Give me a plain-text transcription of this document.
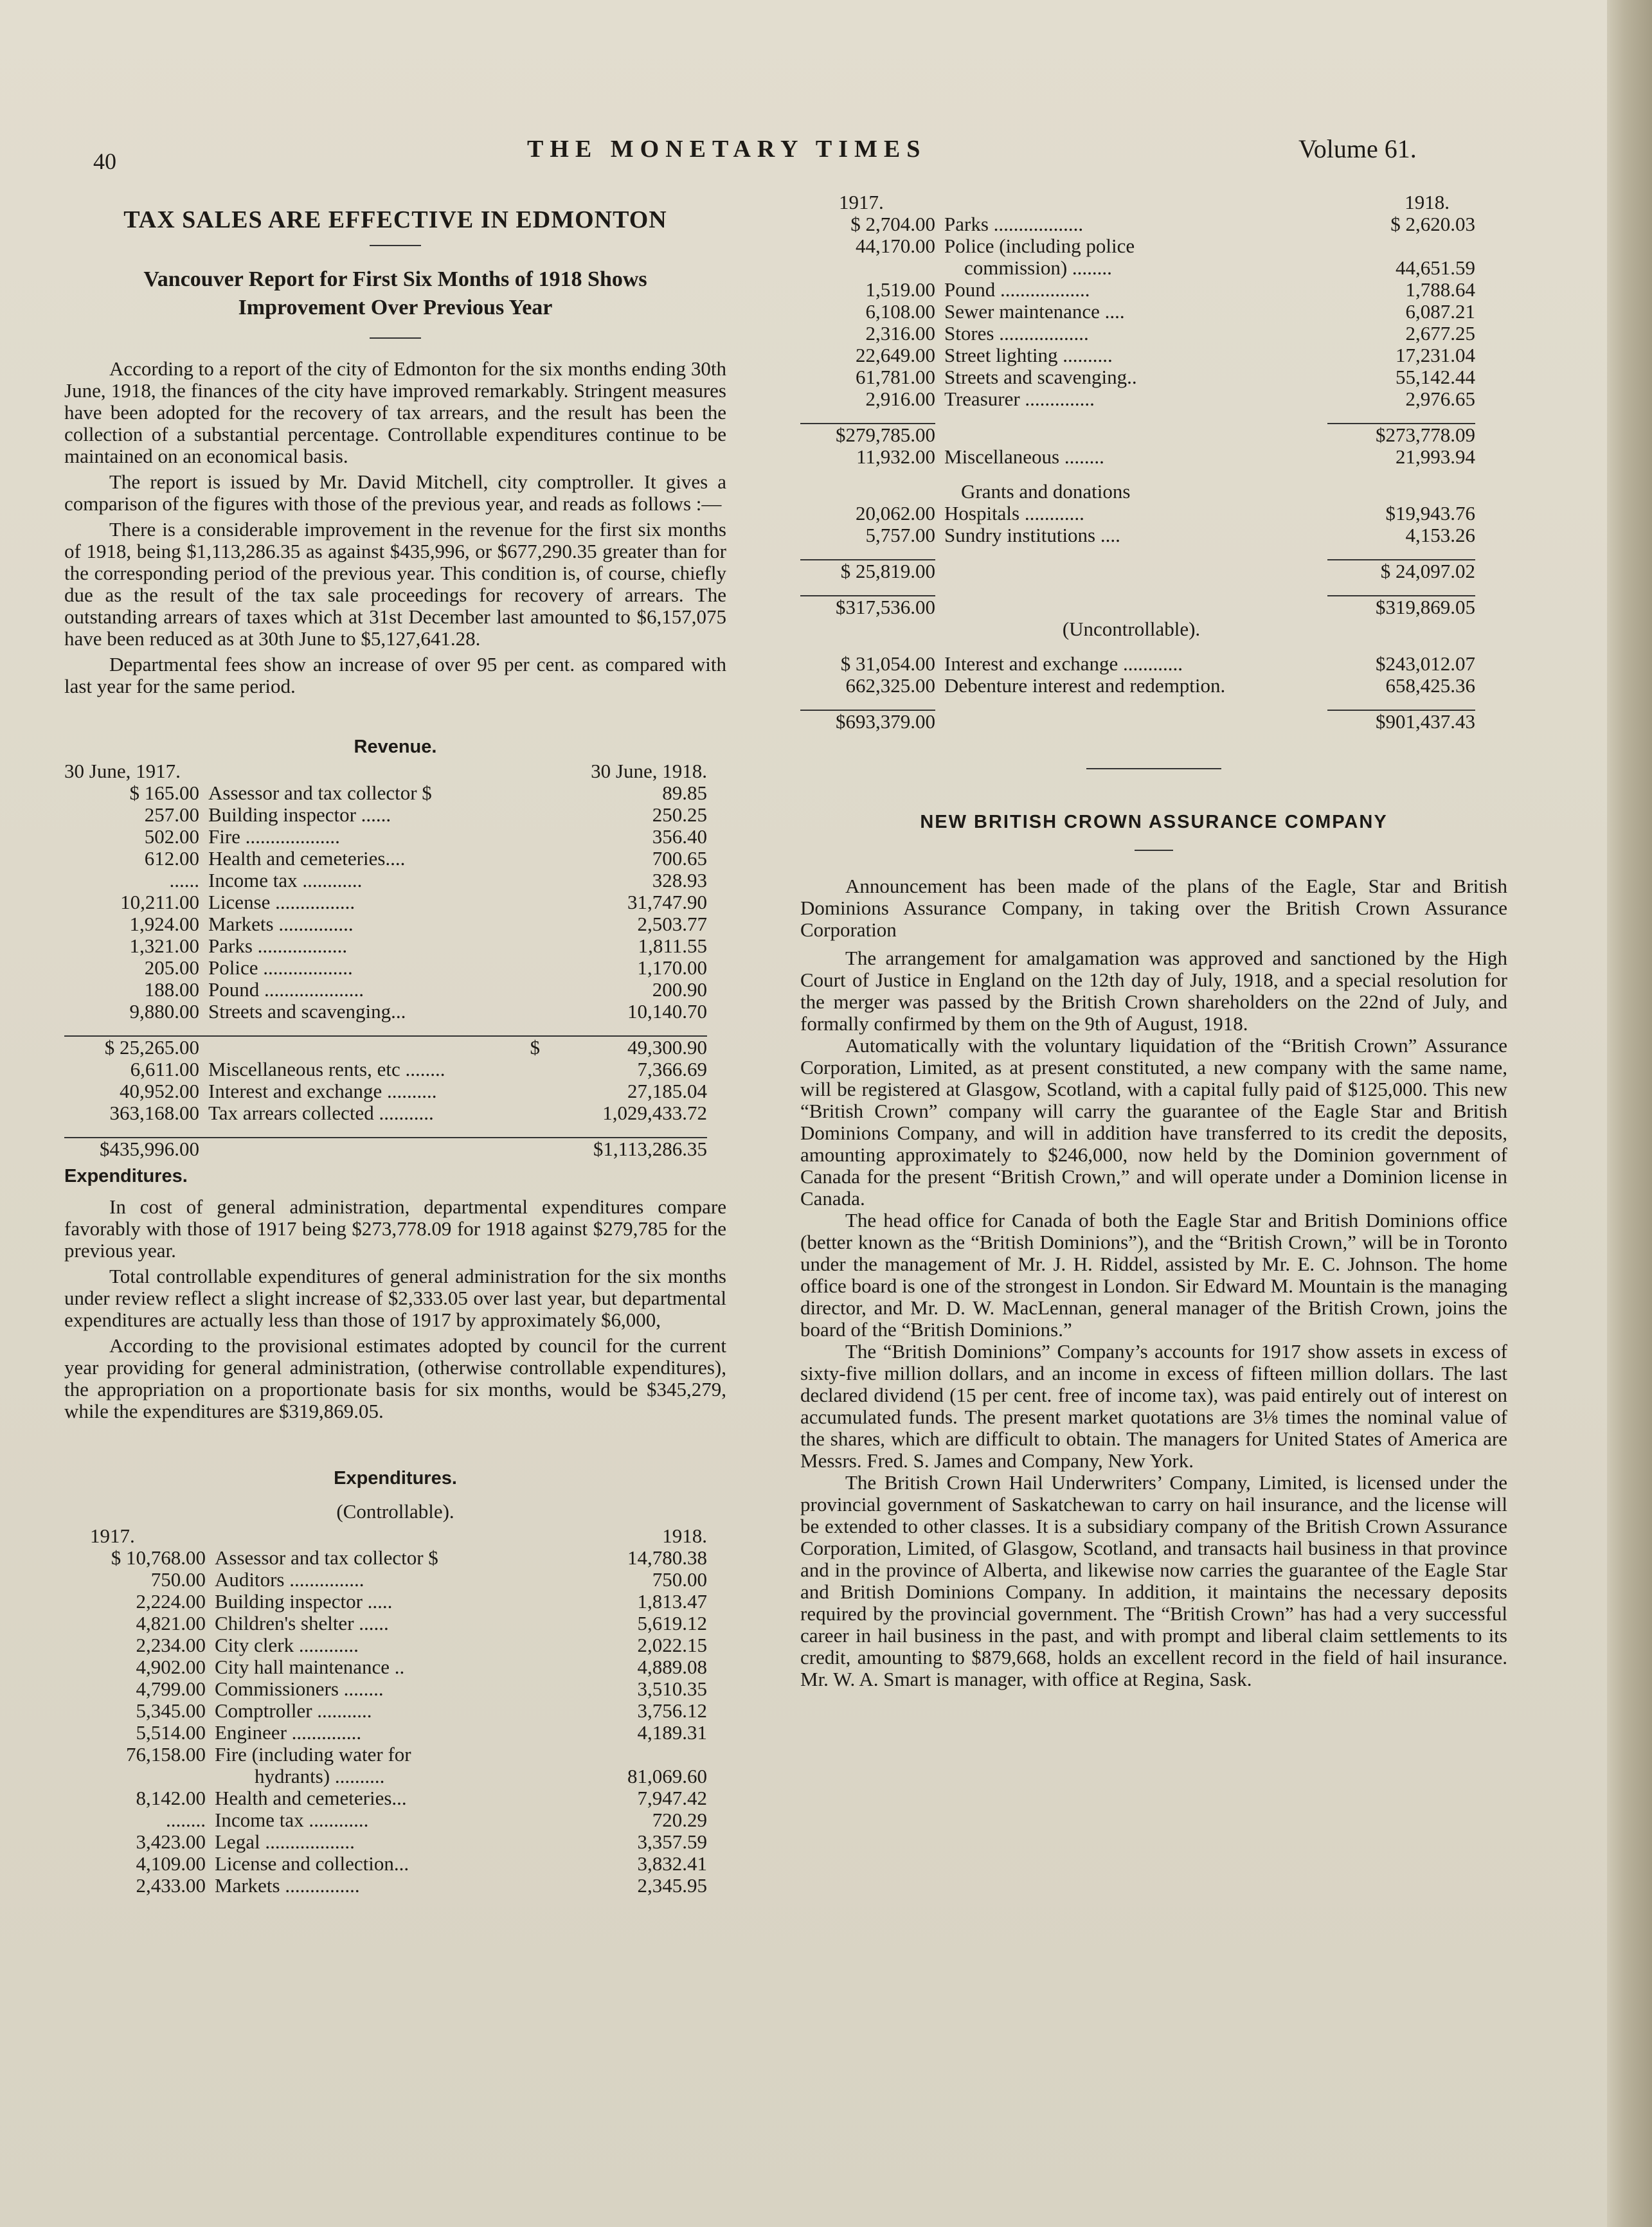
40	THE MONETARY TIMES	Volume 61.
TAX SALES ARE EFFECTIVE IN EDMONTON
Vancouver Report for First Six Months of 1918 Shows Improvement Over Previous Year

According to a report of the city of Edmonton for the six months ending 30th June, 1918, the finances of the city have improved remarkably. Stringent measures have been adopted for the recovery of tax arrears, and the result has been the collection of a substantial percentage. Controllable expenditures continue to be maintained on an economical basis.

The report is issued by Mr. David Mitchell, city comptroller. It gives a comparison of the figures with those of the previous year, and reads as follows :—

There is a considerable improvement in the revenue for the first six months of 1918, being $1,113,286.35 as against $435,996, or $677,290.35 greater than for the corresponding period of the previous year. This condition is, of course, chiefly due as the result of the tax sale proceedings for recovery of arrears. The outstanding arrears of taxes which at 31st December last amounted to $6,157,075 have been reduced as at 30th June to $5,127,641.28.

Departmental fees show an increase of over 95 per cent. as compared with last year for the same period.

Revenue.
30 June, 1917.		30 June, 1918.
$ 165.00	Assessor and tax collector $	89.85
257.00	Building inspector ......	250.25
502.00	Fire ...................	356.40
612.00	Health and cemeteries....	700.65
......	Income tax ............	328.93
10,211.00	License ................	31,747.90
1,924.00	Markets ...............	2,503.77
1,321.00	Parks ..................	1,811.55
205.00	Police ..................	1,170.00
188.00	Pound ....................	200.90
9,880.00	Streets and scavenging...	10,140.70

$ 25,265.00	$	49,300.90
6,611.00	Miscellaneous rents, etc ........	7,366.69
40,952.00	Interest and exchange ..........	27,185.04
363,168.00	Tax arrears collected ...........	1,029,433.72

$435,996.00		$1,113,286.35
Expenditures.

In cost of general administration, departmental expenditures compare favorably with those of 1917 being $273,778.09 for 1918 against $279,785 for the previous year.

Total controllable expenditures of general administration for the six months under review reflect a slight increase of $2,333.05 over last year, but departmental expenditures are actually less than those of 1917 by approximately $6,000,

According to the provisional estimates adopted by council for the current year providing for general administration, (otherwise controllable expenditures), the appropriation on a proportionate basis for six months, would be $345,279, while the expenditures are $319,869.05.

Expenditures.
(Controllable).
1917.		1918.
$ 10,768.00	Assessor and tax collector $	14,780.38
750.00	Auditors ...............	750.00
2,224.00	Building inspector .....	1,813.47
4,821.00	Children's shelter ......	5,619.12
2,234.00	City clerk ............	2,022.15
4,902.00	City hall maintenance ..	4,889.08
4,799.00	Commissioners ........	3,510.35
5,345.00	Comptroller ...........	3,756.12
5,514.00	Engineer ..............	4,189.31
76,158.00	Fire (including water for	
	hydrants) ..........	81,069.60
8,142.00	Health and cemeteries...	7,947.42
........	Income tax ............	720.29
3,423.00	Legal ..................	3,357.59
4,109.00	License and collection...	3,832.41
2,433.00	Markets ...............	2,345.95
1917.		1918.
$ 2,704.00	Parks ..................	$ 2,620.03
44,170.00	Police (including police	
	commission) ........	44,651.59
1,519.00	Pound ..................	1,788.64
6,108.00	Sewer maintenance ....	6,087.21
2,316.00	Stores ..................	2,677.25
22,649.00	Street lighting ..........	17,231.04
61,781.00	Streets and scavenging..	55,142.44
2,916.00	Treasurer ..............	2,976.65

$279,785.00		$273,778.09
11,932.00	Miscellaneous ........	21,993.94

	Grants and donations	
20,062.00	Hospitals ............	$19,943.76
5,757.00	Sundry institutions ....	4,153.26

$ 25,819.00		$ 24,097.02

$317,536.00		$319,869.05
	(Uncontrollable).	

$ 31,054.00	Interest and exchange ............	$243,012.07
662,325.00	Debenture interest and redemption.	658,425.36

$693,379.00		$901,437.43
NEW BRITISH CROWN ASSURANCE COMPANY

Announcement has been made of the plans of the Eagle, Star and British Dominions Assurance Company, in taking over the British Crown Assurance Corporation

The arrangement for amalgamation was approved and sanctioned by the High Court of Justice in England on the 12th day of July, 1918, and a special resolution for the merger was passed by the British Crown shareholders on the 22nd of July, and formally confirmed by them on the 9th of August, 1918.

Automatically with the voluntary liquidation of the “British Crown” Assurance Corporation, Limited, as at present constituted, a new company with the same name, will be registered at Glasgow, Scotland, with a capital fully paid of $125,000. This new “British Crown” company will carry the guarantee of the Eagle Star and British Dominions Company, and will in addition have transferred to its credit the deposits, amounting approximately to $246,000, now held by the Dominion government of Canada for the present “British Crown,” and will operate under a Dominion license in Canada.

The head office for Canada of both the Eagle Star and British Dominions office (better known as the “British Dominions”), and the “British Crown,” will be in Toronto under the management of Mr. J. H. Riddel, assisted by Mr. E. C. Johnson. The home office board is one of the strongest in London. Sir Edward M. Mountain is the managing director, and Mr. D. W. MacLennan, general manager of the British Crown, joins the board of the “British Dominions.”

The “British Dominions” Company’s accounts for 1917 show assets in excess of sixty-five million dollars, and an income in excess of fifteen million dollars. The last declared dividend (15 per cent. free of income tax), was paid entirely out of interest on accumulated funds. The present market quotations are 3⅛ times the nominal value of the shares, which are difficult to obtain. The managers for United States of America are Messrs. Fred. S. James and Company, New York.

The British Crown Hail Underwriters’ Company, Limited, is licensed under the provincial government of Saskatchewan to carry on hail insurance, and the license will be extended to other classes. It is a subsidiary company of the British Crown Assurance Corporation, Limited, of Glasgow, Scotland, and transacts hail business in that province and in the province of Alberta, and likewise now carries the guarantee of the Eagle Star and British Dominions Company. In addition, it maintains the necessary deposits required by the provincial government. The “British Crown” has had a very successful career in hail business in the past, and with prompt and liberal claim settlements to its credit, amounting to $879,668, holds an excellent record in the field of hail insurance. Mr. W. A. Smart is manager, with office at Regina, Sask.
